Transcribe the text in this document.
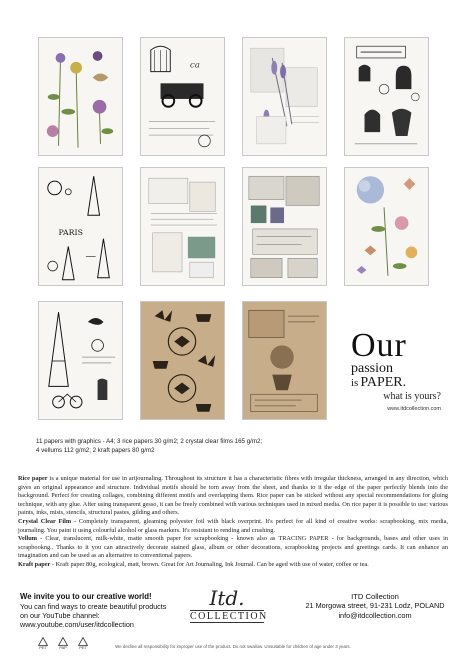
ca
PARIS
Our
passion
is PAPER.
what is yours?
www.itdcollection.com
11 papers with graphics - A4; 3 rice papers 30 g/m2; 2 crystal clear films 165 g/m2;
4 vellums 112 g/m2; 2 kraft papers 80 g/m2

Rice paper is a unique material for use in artjournaling. Throughout its structure it has a characteristic fibres with irregular thickness, arranged in any direction, which gives an original appearance and structure. Individual motifs should be torn away from the sheet, and thanks to it the edge of the paper perfectly blends into the background. Perfect for creating collages, combining different motifs and overlapping them. Rice paper can be sticked without any special recommendations for gluing technique, with any glue. After using transparent gesso, it can be freely combined with various techniques used in mixed media. On rice paper it is possible to use: various paints, inks, mists, stencils, structural pastes, gilding and others.

Crystal Clear Film - Completely transparent, gleaming polyester foil with black overprint. It's perfect for all kind of creative works: scrapbooking, mix media, journaling. You paint it using colourful alcohol or glass markers. It's resistant to rending and crushing.

Vellum - Clear, translucent, milk-white, matte smooth paper for scrapbooking - known also as TRACING PAPER - for backgrounds, bases and other uses in scrapbookng.. Thanks to it you can attractively decorate stained glass, album or other decorations, scrapbooking projects and greetings cards. It can enhance an imagination and can be used as an alternative to conventional papers.

Kraft paper - Kraft paper 80g, ecological, matt, brown. Great for Art Journaling, Ink Journal. Can be aged with use of water, coffee or tea.

We invite you to our creative world!
You can find ways to create beautiful products
on our YouTube channel:
www.youtube.com/user/itdcollection
PET	PAP	PET
Itd.
COLLECTION
ITD Collection
21 Morgowa street, 91-231 Lodz, POLAND
info@itdcollection.com
We decline all responsibility for improper use of the product. Do not swallow. Unsuitable for children of age under 3 years.
